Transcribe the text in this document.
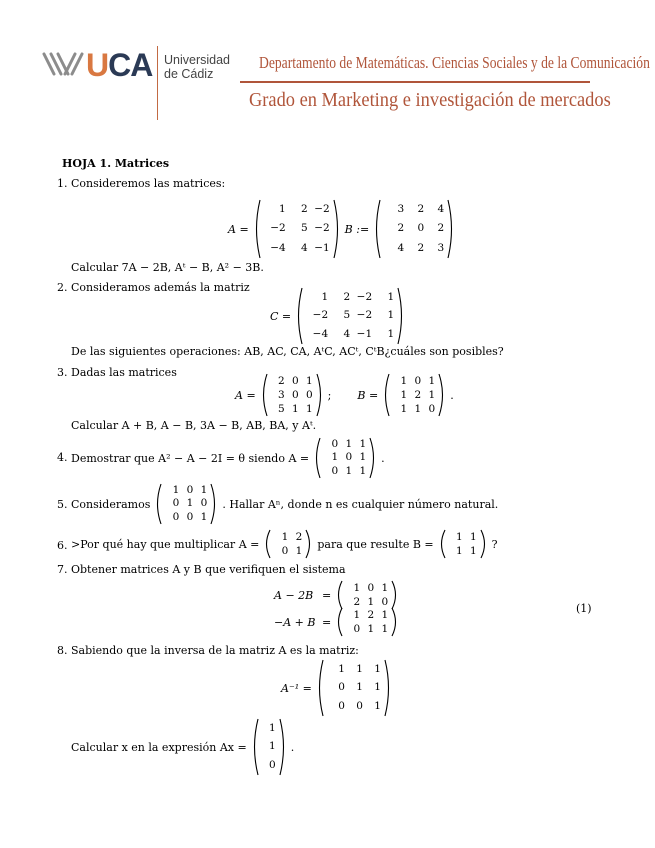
UCA Universidad
de Cádiz
Departamento de Matemáticas. Ciencias Sociales y de la Comunicación
Grado en Marketing e investigación de mercados
HOJA 1. Matrices
1. Consideremos las matrices:
A =
1	2 −2
−2	5 −2
−4	4 −1
B :=
3	2	4
2	0	2
4	2	3
Calcular 7A − 2B, Aᵗ − B, A² − 3B.
2. Consideramos además la matriz
C =
1	2 −2	1
−2	5 −2	1
−4	4 −1	1
De las siguientes operaciones: AB, AC, CA, AᵗC, ACᵗ, CᵗB¿cuáles son posibles?
3. Dadas las matrices
A =
2 0 1
3 0 0
5 1 1
; B =
1 0 1
1 2 1
1 1 0
.
Calcular A + B, A − B, 3A − B, AB, BA, y Aᵗ.
4. Demostrar que A² − A − 2I = θ siendo A =
0 1 1
1 0 1
0 1 1
.
5. Consideramos
1 0 1
0 1 0
0 0 1
. Hallar Aⁿ, donde n es cualquier número natural.
6. >Por qué hay que multiplicar A =
1 2
0 1 para que resulte B =
1 1
1 1 ?
7. Obtener matrices A y B que verifiquen el sistema
A − 2B =
1 0 1
2 1 0
−A + B =
1 2 1
0 1 1
(1)
8. Sabiendo que la inversa de la matriz A es la matriz:
A⁻¹ =
1	1	1
0	1	1
0	0	1
Calcular x en la expresión Ax =
1
1
0
.
